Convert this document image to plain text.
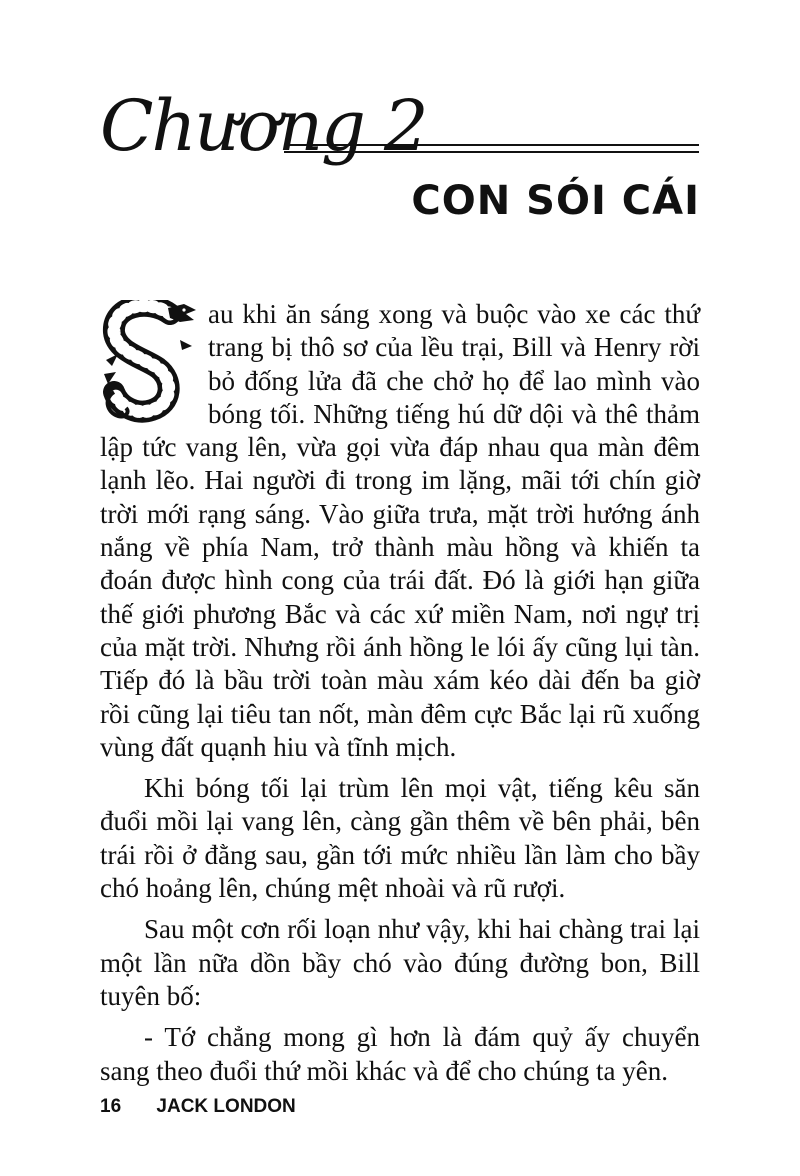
Chương 2
CON SÓI CÁI

au khi ăn sáng xong và buộc vào xe các thứ trang bị thô sơ của lều trại, Bill và Henry rời bỏ đống lửa đã che chở họ để lao mình vào bóng tối. Những tiếng hú dữ dội và thê thảm lập tức vang lên, vừa gọi vừa đáp nhau qua màn đêm lạnh lẽo. Hai người đi trong im lặng, mãi tới chín giờ trời mới rạng sáng. Vào giữa trưa, mặt trời hướng ánh nắng về phía Nam, trở thành màu hồng và khiến ta đoán được hình cong của trái đất. Đó là giới hạn giữa thế giới phương Bắc và các xứ miền Nam, nơi ngự trị của mặt trời. Nhưng rồi ánh hồng le lói ấy cũng lụi tàn. Tiếp đó là bầu trời toàn màu xám kéo dài đến ba giờ rồi cũng lại tiêu tan nốt, màn đêm cực Bắc lại rũ xuống vùng đất quạnh hiu và tĩnh mịch.

Khi bóng tối lại trùm lên mọi vật, tiếng kêu săn đuổi mồi lại vang lên, càng gần thêm về bên phải, bên trái rồi ở đằng sau, gần tới mức nhiều lần làm cho bầy chó hoảng lên, chúng mệt nhoài và rũ rượi.

Sau một cơn rối loạn như vậy, khi hai chàng trai lại một lần nữa dồn bầy chó vào đúng đường bon, Bill tuyên bố:

- Tớ chẳng mong gì hơn là đám quỷ ấy chuyển sang theo đuổi thứ mồi khác và để cho chúng ta yên.

16 JACK LONDON
